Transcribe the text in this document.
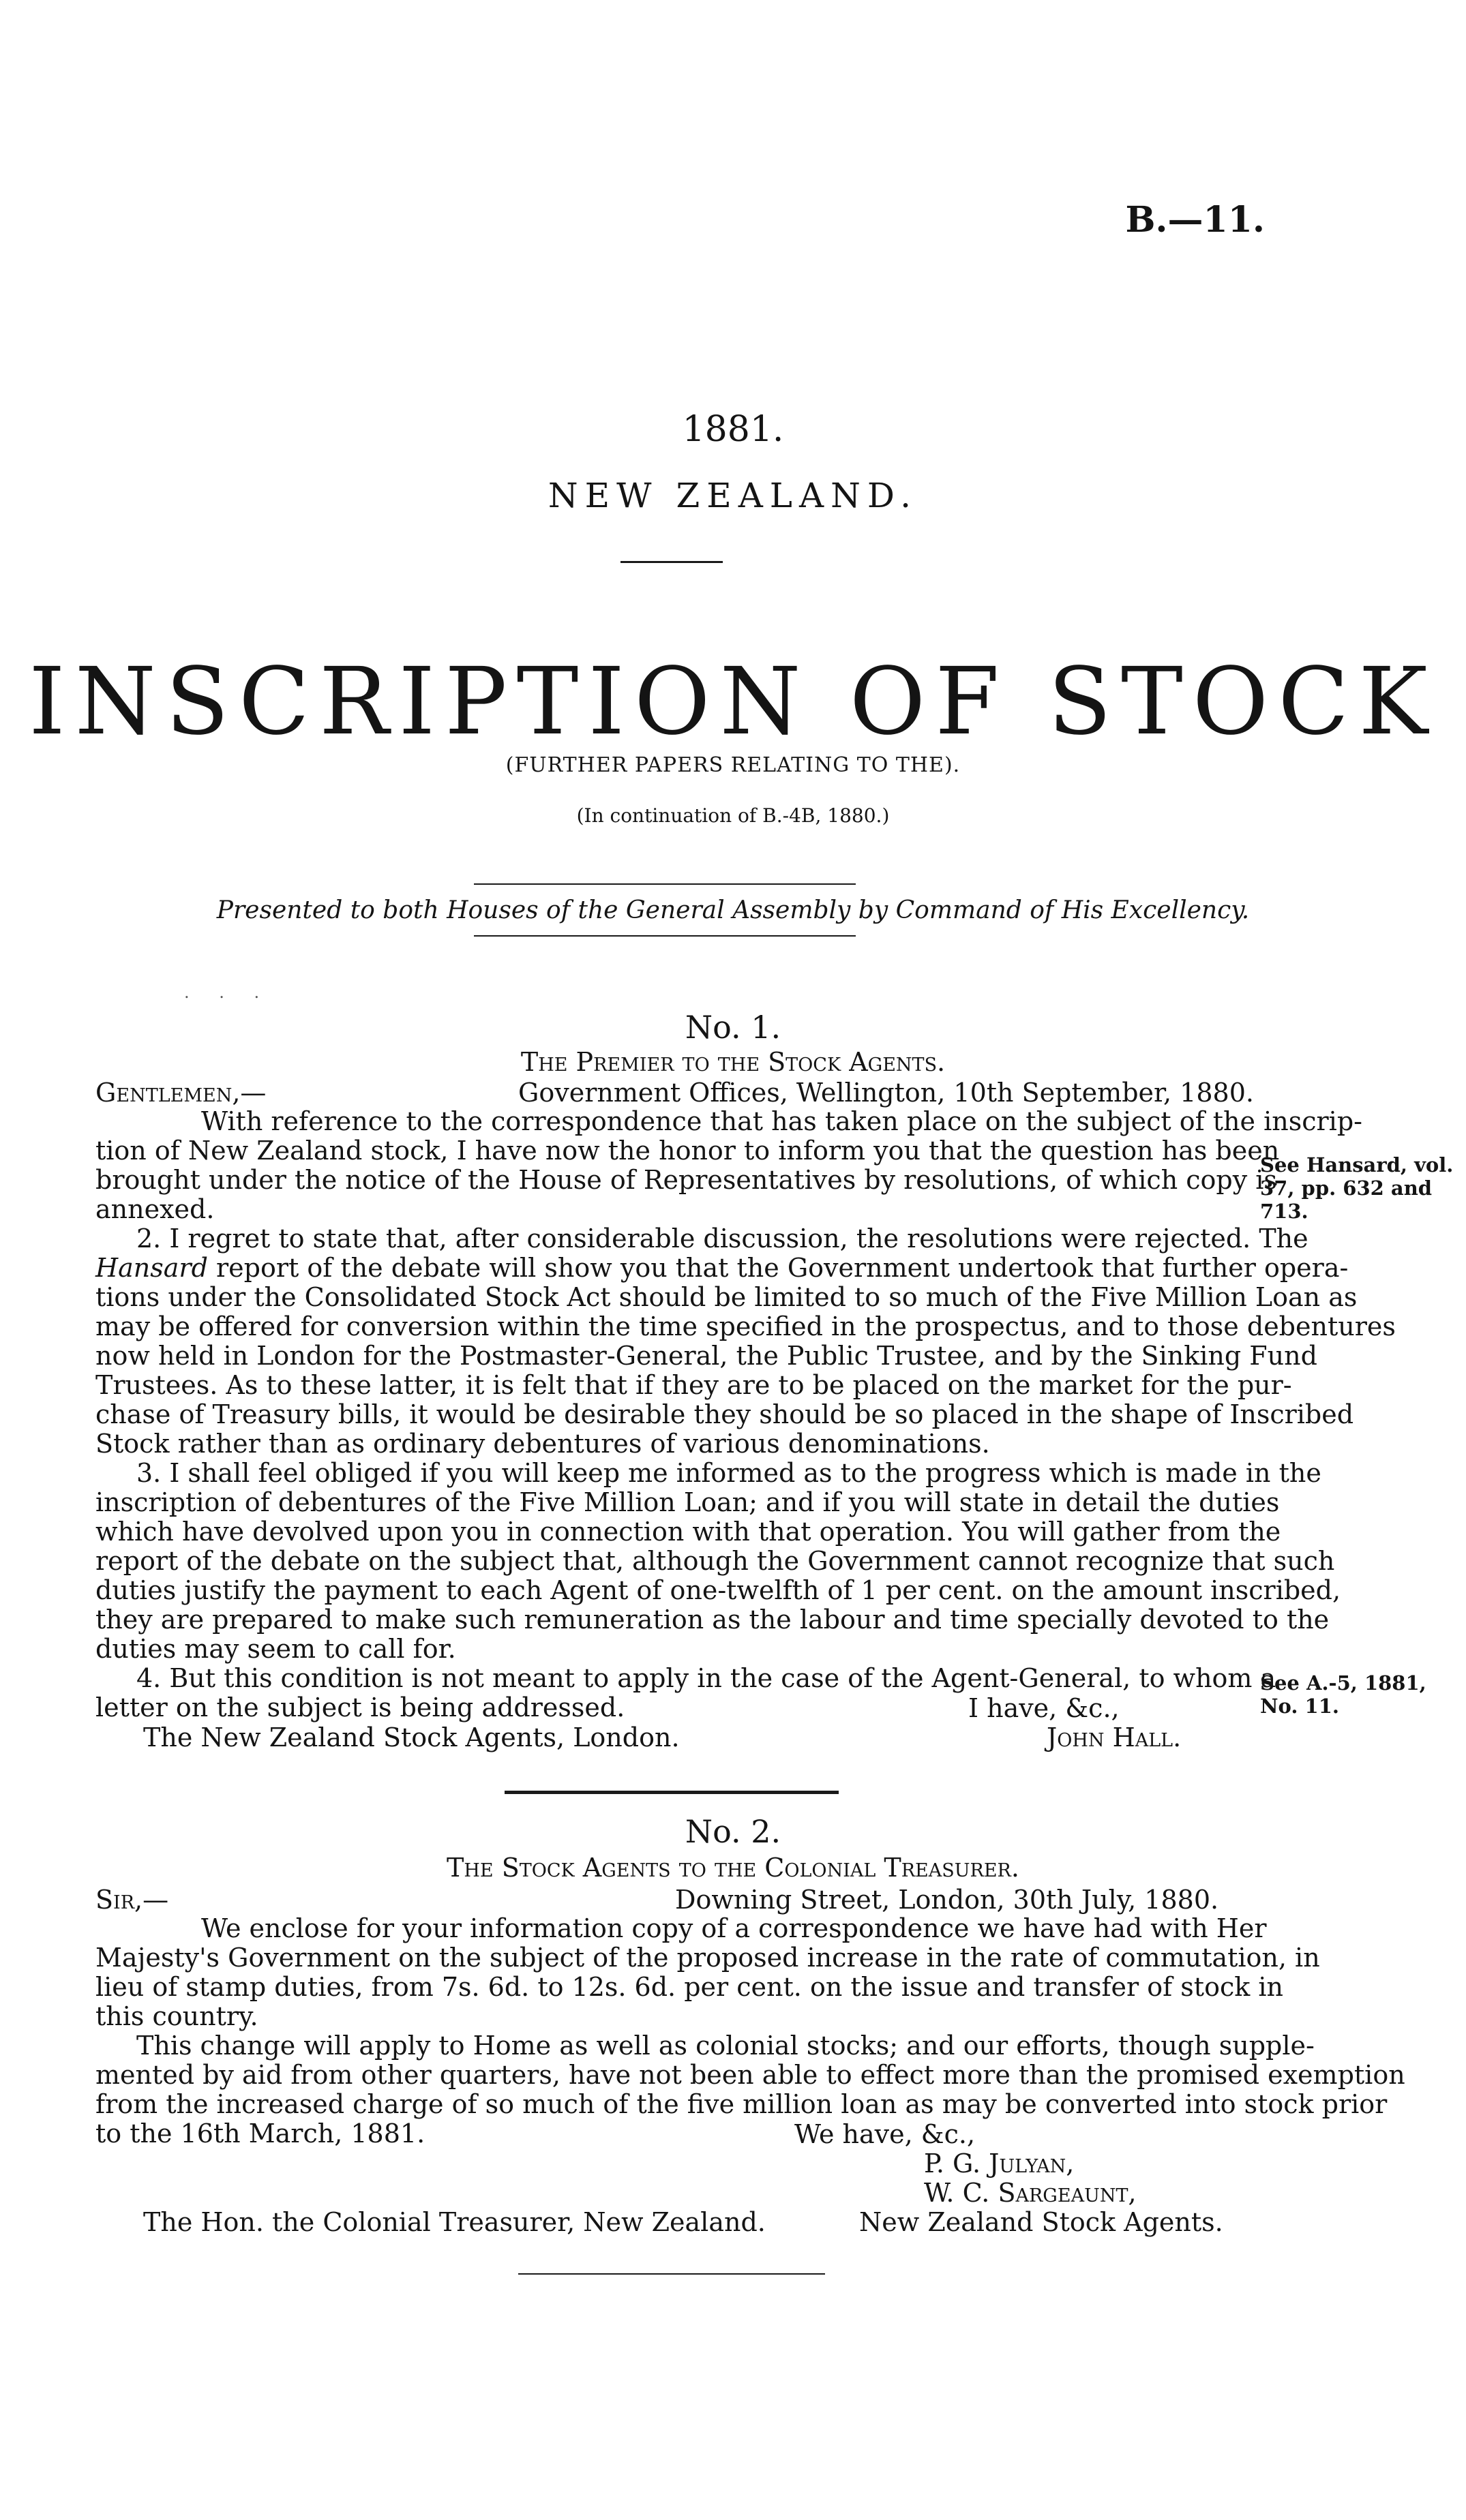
B.—11.
1881.
NEW ZEALAND.
INSCRIPTION OF STOCK
(FURTHER PAPERS RELATING TO THE).
(In continuation of B.-4B, 1880.)
Presented to both Houses of the General Assembly by Command of His Excellency.
. . .
No. 1.
The Premier to the Stock Agents.
Gentlemen,—	Government Offices, Wellington, 10th September, 1880.
With reference to the correspondence that has taken place on the subject of the inscrip-
tion of New Zealand stock, I have now the honor to inform you that the question has been
brought under the notice of the House of Representatives by resolutions, of which copy is
annexed.
2. I regret to state that, after considerable discussion, the resolutions were rejected. The
Hansard report of the debate will show you that the Government undertook that further opera-
tions under the Consolidated Stock Act should be limited to so much of the Five Million Loan as
may be offered for conversion within the time specified in the prospectus, and to those debentures
now held in London for the Postmaster-General, the Public Trustee, and by the Sinking Fund
Trustees. As to these latter, it is felt that if they are to be placed on the market for the pur-
chase of Treasury bills, it would be desirable they should be so placed in the shape of Inscribed
Stock rather than as ordinary debentures of various denominations.
3. I shall feel obliged if you will keep me informed as to the progress which is made in the
inscription of debentures of the Five Million Loan; and if you will state in detail the duties
which have devolved upon you in connection with that operation. You will gather from the
report of the debate on the subject that, although the Government cannot recognize that such
duties justify the payment to each Agent of one-twelfth of 1 per cent. on the amount inscribed,
they are prepared to make such remuneration as the labour and time specially devoted to the
duties may seem to call for.
4. But this condition is not meant to apply in the case of the Agent-General, to whom a
letter on the subject is being addressed.	I have, &c.,
The New Zealand Stock Agents, London.	John Hall.
See Hansard, vol.
37, pp. 632 and
713.
See A.-5, 1881,
No. 11.
No. 2.
The Stock Agents to the Colonial Treasurer.
Sir,—	Downing Street, London, 30th July, 1880.
We enclose for your information copy of a correspondence we have had with Her
Majesty's Government on the subject of the proposed increase in the rate of commutation, in
lieu of stamp duties, from 7s. 6d. to 12s. 6d. per cent. on the issue and transfer of stock in
this country.
This change will apply to Home as well as colonial stocks; and our efforts, though supple-
mented by aid from other quarters, have not been able to effect more than the promised exemption
from the increased charge of so much of the five million loan as may be converted into stock prior
to the 16th March, 1881.	We have, &c.,
P. G. Julyan,
W. C. Sargeaunt,
The Hon. the Colonial Treasurer, New Zealand.	New Zealand Stock Agents.
